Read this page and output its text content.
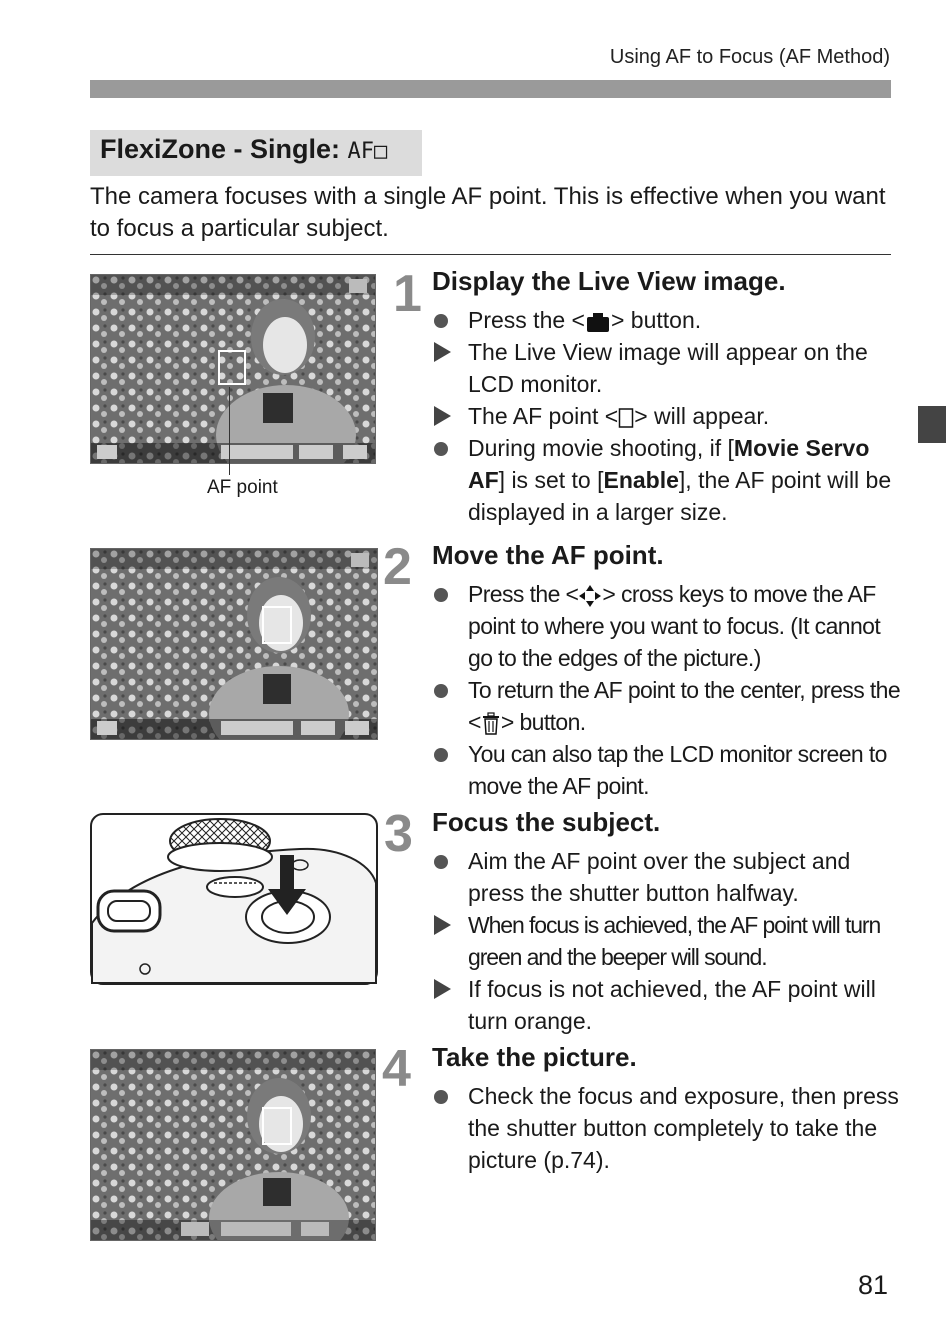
Using AF to Focus (AF Method)
FlexiZone - Single: AF□
The camera focuses with a single AF point. This is effective when you want to focus a particular subject.
AF point
1 Display the Live View image.
Press the < > button.
The Live View image will appear on the LCD monitor.
The AF point < > will appear.
During movie shooting, if [Movie Servo AF] is set to [Enable], the AF point will be displayed in a larger size.
2 Move the AF point.
Press the < > cross keys to move the AF point to where you want to focus. (It cannot go to the edges of the picture.)
To return the AF point to the center, press the < > button.
You can also tap the LCD monitor screen to move the AF point.
3 Focus the subject.
Aim the AF point over the subject and press the shutter button halfway.
When focus is achieved, the AF point will turn green and the beeper will sound.
If focus is not achieved, the AF point will turn orange.
4 Take the picture.
Check the focus and exposure, then press the shutter button completely to take the picture (p.74).
81
